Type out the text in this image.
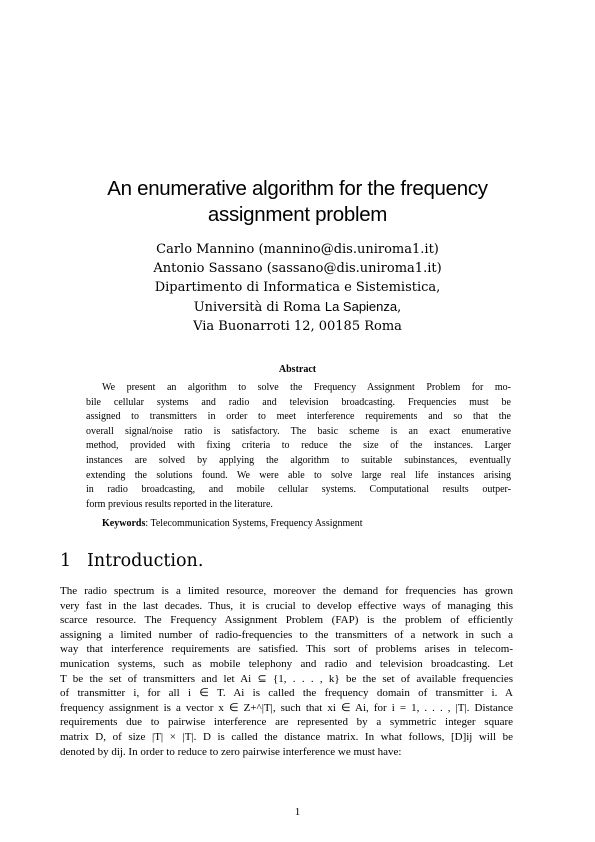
An enumerative algorithm for the frequency
assignment problem
Carlo Mannino (mannino@dis.uniroma1.it)
Antonio Sassano (sassano@dis.uniroma1.it)
Dipartimento di Informatica e Sistemistica,
Università di Roma La Sapienza,
Via Buonarroti 12, 00185 Roma
Abstract
We present an algorithm to solve the Frequency Assignment Problem for mo-
bile cellular systems and radio and television broadcasting. Frequencies must be
assigned to transmitters in order to meet interference requirements and so that the
overall signal/noise ratio is satisfactory. The basic scheme is an exact enumerative
method, provided with fixing criteria to reduce the size of the instances. Larger
instances are solved by applying the algorithm to suitable subinstances, eventually
extending the solutions found. We were able to solve large real life instances arising
in radio broadcasting, and mobile cellular systems. Computational results outper-
form previous results reported in the literature.
Keywords: Telecommunication Systems, Frequency Assignment
1 Introduction.
The radio spectrum is a limited resource, moreover the demand for frequencies has grown
very fast in the last decades. Thus, it is crucial to develop effective ways of managing this
scarce resource. The Frequency Assignment Problem (FAP) is the problem of efficiently
assigning a limited number of radio-frequencies to the transmitters of a network in such a
way that interference requirements are satisfied. This sort of problems arises in telecom-
munication systems, such as mobile telephony and radio and television broadcasting. Let
T be the set of transmitters and let Ai ⊆ {1, . . . , k} be the set of available frequencies
of transmitter i, for all i ∈ T. Ai is called the frequency domain of transmitter i. A
frequency assignment is a vector x ∈ Z+^|T|, such that xi ∈ Ai, for i = 1, . . . , |T|. Distance
requirements due to pairwise interference are represented by a symmetric integer square
matrix D, of size |T| × |T|. D is called the distance matrix. In what follows, [D]ij will be
denoted by dij. In order to reduce to zero pairwise interference we must have:
1
